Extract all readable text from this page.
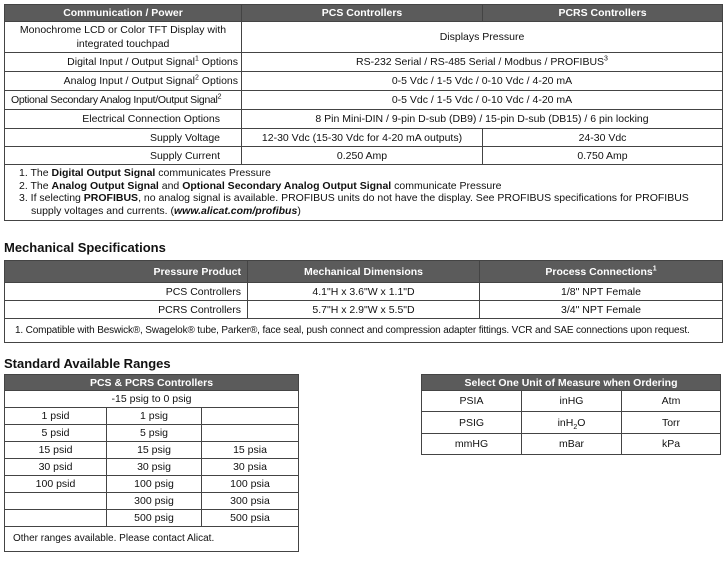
Communication / Power	PCS Controllers	PCRS Controllers
Monochrome LCD or Color TFT Display with integrated touchpad	Displays Pressure	
Digital Input / Output Signal$^1$ Options	RS-232 Serial / RS-485 Serial / Modbus / PROFIBUS$^3$
Analog Input / Output Signal$^2$ Options	0-5 Vdc / 1-5 Vdc / 0-10 Vdc / 4-20 mA	
Optional Secondary Analog Input/Output Signal$^2$	0-5 Vdc / 1-5 Vdc / 0-10 Vdc / 4-20 mA	
Electrical Connection Options	8 Pin Mini-DIN / 9-pin D-sub (DB9) / 15-pin D-sub (DB15) / 6 pin locking	
Supply Voltage	12-30 Vdc (15-30 Vdc for 4-20 mA outputs)	24-30 Vdc
Supply Current	0.250 Amp	0.750 Amp

1. The Digital Output Signal communicates Pressure
2. The Analog Output Signal and Optional Secondary Analog Output Signal communicate Pressure
3. If selecting PROFIBUS, no analog signal is available. PROFIBUS units do not have the display. See PROFIBUS specifications for PROFIBUS
supply voltages and currents. (www.alicat.com/profibus)		
Mechanical Specifications
Pressure Product	Mechanical Dimensions	Process Connections$^1$
PCS Controllers	4.1"H x 3.6"W x 1.1"D	1/8" NPT Female
PCRS Controllers	5.7"H x 2.9"W x 5.5"D	3/4" NPT Female
1. Compatible with Beswick®, Swagelok® tube, Parker®, face seal, push connect and compression adapter fittings. VCR and SAE connections upon request.		
Standard Available Ranges
PCS & PCRS Controllers		
-15 psig to 0 psig		
1 psid	1 psig	
5 psid	5 psig	
15 psid	15 psig	15 psia
30 psid	30 psig	30 psia
100 psid	100 psig	100 psia
	300 psig	300 psia
	500 psig	500 psia
Other ranges available. Please contact Alicat.		
Select One Unit of Measure when Ordering		
PSIA	inHG	Atm
PSIG	inH$_2$O	Torr
mmHG	mBar	kPa
